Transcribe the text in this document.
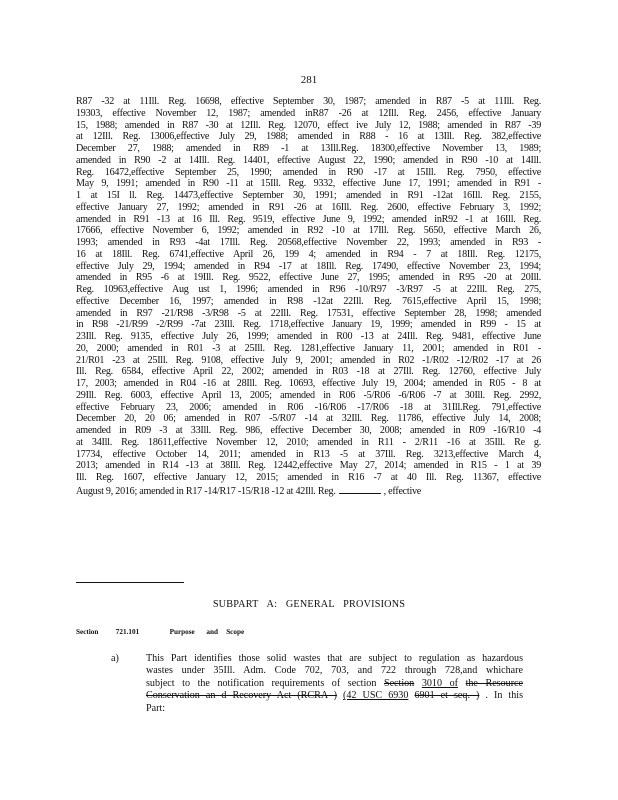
281
R87 -32 at 11Ill. Reg. 16698, effective September 30, 1987; amended in R87 -5 at 11Ill. Reg.
19303, effective November 12, 1987; amended inR87 -26 at 12Ill. Reg. 2456, effective January
15, 1988; amended in R87 -30 at 12Ill. Reg. 12070, effect ive July 12, 1988; amended in R87 -39
at 12Ill. Reg. 13006,effective July 29, 1988; amended in R88 - 16 at 13Ill. Reg. 382,effective
December 27, 1988; amended in R89 -1 at 13Ill.Reg. 18300,effective November 13, 1989;
amended in R90 -2 at 14Ill. Reg. 14401, effective August 22, 1990; amended in R90 -10 at 14Ill.
Reg. 16472,effective September 25, 1990; amended in R90 -17 at 15Ill. Reg. 7950, effective
May 9, 1991; amended in R90 -11 at 15Ill. Reg. 9332, effective June 17, 1991; amended in R91 -
1 at 15I ll. Reg. 14473,effective September 30, 1991; amended in R91 -12at 16Ill. Reg. 2155,
effective January 27, 1992; amended in R91 -26 at 16Ill. Reg. 2600, effective February 3, 1992;
amended in R91 -13 at 16 Ill. Reg. 9519, effective June 9, 1992; amended inR92 -1 at 16Ill. Reg.
17666, effective November 6, 1992; amended in R92 -10 at 17Ill. Reg. 5650, effective March 26,
1993; amended in R93 -4at 17Ill. Reg. 20568,effective November 22, 1993; amended in R93 -
16 at 18Ill. Reg. 6741,effective April 26, 199 4; amended in R94 - 7 at 18Ill. Reg. 12175,
effective July 29, 1994; amended in R94 -17 at 18Ill. Reg. 17490, effective November 23, 1994;
amended in R95 -6 at 19Ill. Reg. 9522, effective June 27, 1995; amended in R95 -20 at 20Ill.
Reg. 10963,effective Aug ust 1, 1996; amended in R96 -10/R97 -3/R97 -5 at 22Ill. Reg. 275,
effective December 16, 1997; amended in R98 -12at 22Ill. Reg. 7615,effective April 15, 1998;
amended in R97 -21/R98 -3/R98 -5 at 22Ill. Reg. 17531, effective September 28, 1998; amended
in R98 -21/R99 -2/R99 -7at 23Ill. Reg. 1718,effective January 19, 1999; amended in R99 - 15 at
23Ill. Reg. 9135, effective July 26, 1999; amended in R00 -13 at 24Ill. Reg. 9481, effective June
20, 2000; amended in R01 -3 at 25Ill. Reg. 1281,effective January 11, 2001; amended in R01 -
21/R01 -23 at 25Ill. Reg. 9108, effective July 9, 2001; amended in R02 -1/R02 -12/R02 -17 at 26
Ill. Reg. 6584, effective April 22, 2002; amended in R03 -18 at 27Ill. Reg. 12760, effective July
17, 2003; amended in R04 -16 at 28Ill. Reg. 10693, effective July 19, 2004; amended in R05 - 8 at
29Ill. Reg. 6003, effective April 13, 2005; amended in R06 -5/R06 -6/R06 -7 at 30Ill. Reg. 2992,
effective February 23, 2006; amended in R06 -16/R06 -17/R06 -18 at 31Ill.Reg. 791,effective
December 20, 20 06; amended in R07 -5/R07 -14 at 32Ill. Reg. 11786, effective July 14, 2008;
amended in R09 -3 at 33Ill. Reg. 986, effective December 30, 2008; amended in R09 -16/R10 -4
at 34Ill. Reg. 18611,effective November 12, 2010; amended in R11 - 2/R11 -16 at 35Ill. Re g.
17734, effective October 14, 2011; amended in R13 -5 at 37Ill. Reg. 3213,effective March 4,
2013; amended in R14 -13 at 38Ill. Reg. 12442,effective May 27, 2014; amended in R15 - 1 at 39
Ill. Reg. 1607, effective January 12, 2015; amended in R16 -7 at 40 Ill. Reg. 11367, effective
August 9, 2016; amended in R17 -14/R17 -15/R18 -12 at 42Ill. Reg.	, effective
SUBPART A: GENERAL PROVISIONS
Section 721.101	Purpose and Scope
a)	This Part identifies those solid wastes that are subject to regulation as hazardous
wastes under 35Ill. Adm. Code 702, 703, and 722 through 728,and whichare
subject to the notification requirements of section Section 3010 of the Resource
Conservation an d Recovery Act (RCRA ) (42 USC 6930 6901 et seq. ) . In this
Part:
